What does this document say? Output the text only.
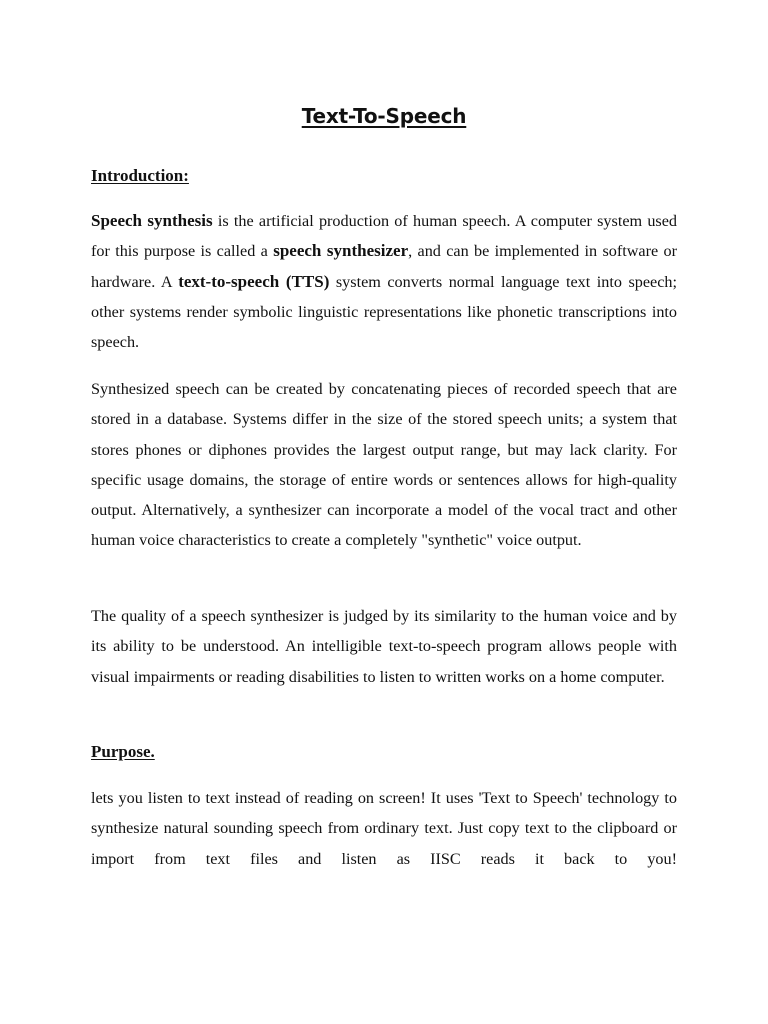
Text-To-Speech
Introduction:

Speech synthesis is the artificial production of human speech. A computer system used for this purpose is called a speech synthesizer, and can be implemented in software or hardware. A text-to-speech (TTS) system converts normal language text into speech; other systems render symbolic linguistic representations like phonetic transcriptions into speech.

Synthesized speech can be created by concatenating pieces of recorded speech that are stored in a database. Systems differ in the size of the stored speech units; a system that stores phones or diphones provides the largest output range, but may lack clarity. For specific usage domains, the storage of entire words or sentences allows for high-quality output. Alternatively, a synthesizer can incorporate a model of the vocal tract and other human voice characteristics to create a completely "synthetic" voice output.

The quality of a speech synthesizer is judged by its similarity to the human voice and by its ability to be understood. An intelligible text-to-speech program allows people with visual impairments or reading disabilities to listen to written works on a home computer.

Purpose.

lets you listen to text instead of reading on screen! It uses 'Text to Speech' technology to synthesize natural sounding speech from ordinary text. Just copy text to the clipboard or import from text files and listen as IISC reads it back to you!
